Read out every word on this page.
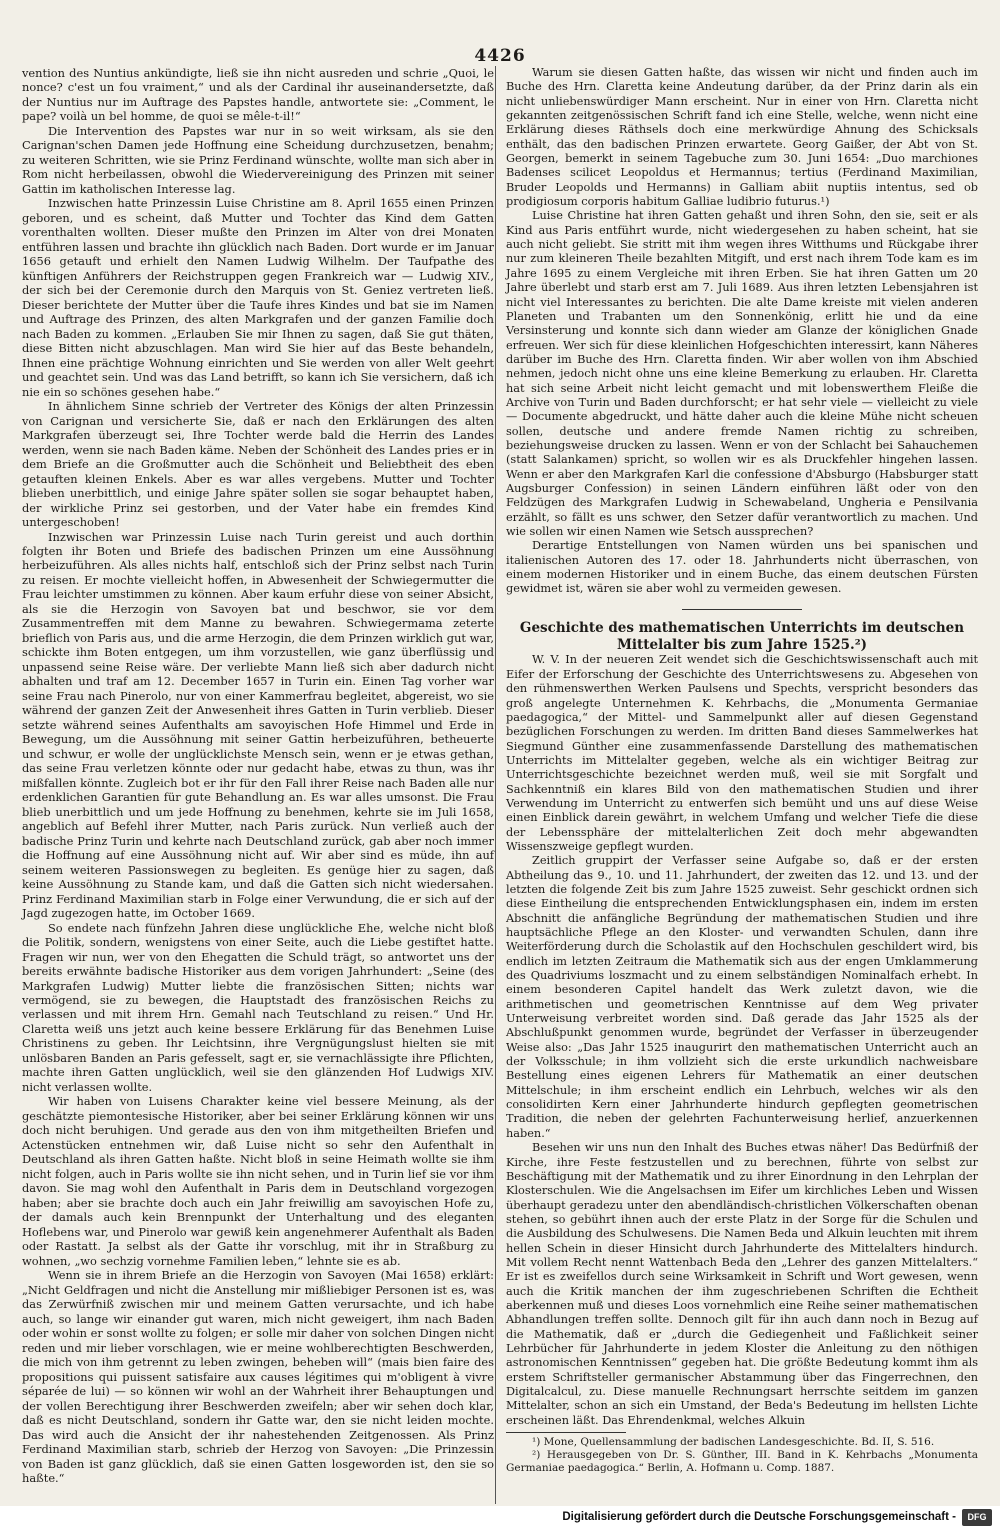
4426

vention des Nuntius ankündigte, ließ sie ihn nicht ausreden und schrie „Quoi, le nonce? c'est un fou vraiment,“ und als der Cardinal ihr auseinandersetzte, daß der Nuntius nur im Auftrage des Papstes handle, antwortete sie: „Comment, le pape? voilà un bel homme, de quoi se mêle-t-il!“

Die Intervention des Papstes war nur in so weit wirksam, als sie den Carignan'schen Damen jede Hoffnung eine Scheidung durchzusetzen, benahm; zu weiteren Schritten, wie sie Prinz Ferdinand wünschte, wollte man sich aber in Rom nicht herbeilassen, obwohl die Wiedervereinigung des Prinzen mit seiner Gattin im katholischen Interesse lag.

Inzwischen hatte Prinzessin Luise Christine am 8. April 1655 einen Prinzen geboren, und es scheint, daß Mutter und Tochter das Kind dem Gatten vorenthalten wollten. Dieser mußte den Prinzen im Alter von drei Monaten entführen lassen und brachte ihn glücklich nach Baden. Dort wurde er im Januar 1656 getauft und erhielt den Namen Ludwig Wilhelm. Der Taufpathe des künftigen Anführers der Reichstruppen gegen Frankreich war — Ludwig XIV., der sich bei der Ceremonie durch den Marquis von St. Geniez vertreten ließ. Dieser berichtete der Mutter über die Taufe ihres Kindes und bat sie im Namen und Auftrage des Prinzen, des alten Markgrafen und der ganzen Familie doch nach Baden zu kommen. „Erlauben Sie mir Ihnen zu sagen, daß Sie gut thäten, diese Bitten nicht abzuschlagen. Man wird Sie hier auf das Beste behandeln, Ihnen eine prächtige Wohnung einrichten und Sie werden von aller Welt geehrt und geachtet sein. Und was das Land betrifft, so kann ich Sie versichern, daß ich nie ein so schönes gesehen habe.“

In ähnlichem Sinne schrieb der Vertreter des Königs der alten Prinzessin von Carignan und versicherte Sie, daß er nach den Erklärungen des alten Markgrafen überzeugt sei, Ihre Tochter werde bald die Herrin des Landes werden, wenn sie nach Baden käme. Neben der Schönheit des Landes pries er in dem Briefe an die Großmutter auch die Schönheit und Beliebtheit des eben getauften kleinen Enkels. Aber es war alles vergebens. Mutter und Tochter blieben unerbittlich, und einige Jahre später sollen sie sogar behauptet haben, der wirkliche Prinz sei gestorben, und der Vater habe ein fremdes Kind untergeschoben!

Inzwischen war Prinzessin Luise nach Turin gereist und auch dorthin folgten ihr Boten und Briefe des badischen Prinzen um eine Aussöhnung herbeizuführen. Als alles nichts half, entschloß sich der Prinz selbst nach Turin zu reisen. Er mochte vielleicht hoffen, in Abwesenheit der Schwiegermutter die Frau leichter umstimmen zu können. Aber kaum erfuhr diese von seiner Absicht, als sie die Herzogin von Savoyen bat und beschwor, sie vor dem Zusammentreffen mit dem Manne zu bewahren. Schwiegermama zeterte brieflich von Paris aus, und die arme Herzogin, die dem Prinzen wirklich gut war, schickte ihm Boten entgegen, um ihm vorzustellen, wie ganz überflüssig und unpassend seine Reise wäre. Der verliebte Mann ließ sich aber dadurch nicht abhalten und traf am 12. December 1657 in Turin ein. Einen Tag vorher war seine Frau nach Pinerolo, nur von einer Kammerfrau begleitet, abgereist, wo sie während der ganzen Zeit der Anwesenheit ihres Gatten in Turin verblieb. Dieser setzte während seines Aufenthalts am savoyischen Hofe Himmel und Erde in Bewegung, um die Aussöhnung mit seiner Gattin herbeizuführen, betheuerte und schwur, er wolle der unglücklichste Mensch sein, wenn er je etwas gethan, das seine Frau verletzen könnte oder nur gedacht habe, etwas zu thun, was ihr mißfallen könnte. Zugleich bot er ihr für den Fall ihrer Reise nach Baden alle nur erdenklichen Garantien für gute Behandlung an. Es war alles umsonst. Die Frau blieb unerbittlich und um jede Hoffnung zu benehmen, kehrte sie im Juli 1658, angeblich auf Befehl ihrer Mutter, nach Paris zurück. Nun verließ auch der badische Prinz Turin und kehrte nach Deutschland zurück, gab aber noch immer die Hoffnung auf eine Aussöhnung nicht auf. Wir aber sind es müde, ihn auf seinem weiteren Passionswegen zu begleiten. Es genüge hier zu sagen, daß keine Aussöhnung zu Stande kam, und daß die Gatten sich nicht wiedersahen. Prinz Ferdinand Maximilian starb in Folge einer Verwundung, die er sich auf der Jagd zugezogen hatte, im October 1669.

So endete nach fünfzehn Jahren diese unglückliche Ehe, welche nicht bloß die Politik, sondern, wenigstens von einer Seite, auch die Liebe gestiftet hatte. Fragen wir nun, wer von den Ehegatten die Schuld trägt, so antwortet uns der bereits erwähnte badische Historiker aus dem vorigen Jahrhundert: „Seine (des Markgrafen Ludwig) Mutter liebte die französischen Sitten; nichts war vermögend, sie zu bewegen, die Hauptstadt des französischen Reichs zu verlassen und mit ihrem Hrn. Gemahl nach Teutschland zu reisen.“ Und Hr. Claretta weiß uns jetzt auch keine bessere Erklärung für das Benehmen Luise Christinens zu geben. Ihr Leichtsinn, ihre Vergnügungslust hielten sie mit unlösbaren Banden an Paris gefesselt, sagt er, sie vernachlässigte ihre Pflichten, machte ihren Gatten unglücklich, weil sie den glänzenden Hof Ludwigs XIV. nicht verlassen wollte.

Wir haben von Luisens Charakter keine viel bessere Meinung, als der geschätzte piemontesische Historiker, aber bei seiner Erklärung können wir uns doch nicht beruhigen. Und gerade aus den von ihm mitgetheilten Briefen und Actenstücken entnehmen wir, daß Luise nicht so sehr den Aufenthalt in Deutschland als ihren Gatten haßte. Nicht bloß in seine Heimath wollte sie ihm nicht folgen, auch in Paris wollte sie ihn nicht sehen, und in Turin lief sie vor ihm davon. Sie mag wohl den Aufenthalt in Paris dem in Deutschland vorgezogen haben; aber sie brachte doch auch ein Jahr freiwillig am savoyischen Hofe zu, der damals auch kein Brennpunkt der Unterhaltung und des eleganten Hoflebens war, und Pinerolo war gewiß kein angenehmerer Aufenthalt als Baden oder Rastatt. Ja selbst als der Gatte ihr vorschlug, mit ihr in Straßburg zu wohnen, „wo sechzig vornehme Familien leben,“ lehnte sie es ab.

Wenn sie in ihrem Briefe an die Herzogin von Savoyen (Mai 1658) erklärt: „Nicht Geldfragen und nicht die Anstellung mir mißliebiger Personen ist es, was das Zerwürfniß zwischen mir und meinem Gatten verursachte, und ich habe auch, so lange wir einander gut waren, mich nicht geweigert, ihm nach Baden oder wohin er sonst wollte zu folgen; er solle mir daher von solchen Dingen nicht reden und mir lieber vorschlagen, wie er meine wohlberechtigten Beschwerden, die mich von ihm getrennt zu leben zwingen, beheben will“ (mais bien faire des propositions qui puissent satisfaire aux causes légitimes qui m'obligent à vivre séparée de lui) — so können wir wohl an der Wahrheit ihrer Behauptungen und der vollen Berechtigung ihrer Beschwerden zweifeln; aber wir sehen doch klar, daß es nicht Deutschland, sondern ihr Gatte war, den sie nicht leiden mochte. Das wird auch die Ansicht der ihr nahestehenden Zeitgenossen. Als Prinz Ferdinand Maximilian starb, schrieb der Herzog von Savoyen: „Die Prinzessin von Baden ist ganz glücklich, daß sie einen Gatten losgeworden ist, den sie so haßte.“

Warum sie diesen Gatten haßte, das wissen wir nicht und finden auch im Buche des Hrn. Claretta keine Andeutung darüber, da der Prinz darin als ein nicht unliebenswürdiger Mann erscheint. Nur in einer von Hrn. Claretta nicht gekannten zeitgenössischen Schrift fand ich eine Stelle, welche, wenn nicht eine Erklärung dieses Räthsels doch eine merkwürdige Ahnung des Schicksals enthält, das den badischen Prinzen erwartete. Georg Gaißer, der Abt von St. Georgen, bemerkt in seinem Tagebuche zum 30. Juni 1654: „Duo marchiones Badenses scilicet Leopoldus et Hermannus; tertius (Ferdinand Maximilian, Bruder Leopolds und Hermanns) in Galliam abiit nuptiis intentus, sed ob prodigiosum corporis habitum Galliae ludibrio futurus.¹)

Luise Christine hat ihren Gatten gehaßt und ihren Sohn, den sie, seit er als Kind aus Paris entführt wurde, nicht wiedergesehen zu haben scheint, hat sie auch nicht geliebt. Sie stritt mit ihm wegen ihres Witthums und Rückgabe ihrer nur zum kleineren Theile bezahlten Mitgift, und erst nach ihrem Tode kam es im Jahre 1695 zu einem Vergleiche mit ihren Erben. Sie hat ihren Gatten um 20 Jahre überlebt und starb erst am 7. Juli 1689. Aus ihren letzten Lebensjahren ist nicht viel Interessantes zu berichten. Die alte Dame kreiste mit vielen anderen Planeten und Trabanten um den Sonnenkönig, erlitt hie und da eine Versinsterung und konnte sich dann wieder am Glanze der königlichen Gnade erfreuen. Wer sich für diese kleinlichen Hofgeschichten interessirt, kann Näheres darüber im Buche des Hrn. Claretta finden. Wir aber wollen von ihm Abschied nehmen, jedoch nicht ohne uns eine kleine Bemerkung zu erlauben. Hr. Claretta hat sich seine Arbeit nicht leicht gemacht und mit lobenswerthem Fleiße die Archive von Turin und Baden durchforscht; er hat sehr viele — vielleicht zu viele — Documente abgedruckt, und hätte daher auch die kleine Mühe nicht scheuen sollen, deutsche und andere fremde Namen richtig zu schreiben, beziehungsweise drucken zu lassen. Wenn er von der Schlacht bei Sahauchemen (statt Salankamen) spricht, so wollen wir es als Druckfehler hingehen lassen. Wenn er aber den Markgrafen Karl die confessione d'Absburgo (Habsburger statt Augsburger Confession) in seinen Ländern einführen läßt oder von den Feldzügen des Markgrafen Ludwig in Schewabeland, Ungheria e Pensilvania erzählt, so fällt es uns schwer, den Setzer dafür verantwortlich zu machen. Und wie sollen wir einen Namen wie Setsch aussprechen?

Derartige Entstellungen von Namen würden uns bei spanischen und italienischen Autoren des 17. oder 18. Jahrhunderts nicht überraschen, von einem modernen Historiker und in einem Buche, das einem deutschen Fürsten gewidmet ist, wären sie aber wohl zu vermeiden gewesen.

Geschichte des mathematischen Unterrichts im deutschen Mittelalter bis zum Jahre 1525.²)

W. V. In der neueren Zeit wendet sich die Geschichtswissenschaft auch mit Eifer der Erforschung der Geschichte des Unterrichtswesens zu. Abgesehen von den rühmenswerthen Werken Paulsens und Spechts, verspricht besonders das groß angelegte Unternehmen K. Kehrbachs, die „Monumenta Germaniae paedagogica,“ der Mittel- und Sammelpunkt aller auf diesen Gegenstand bezüglichen Forschungen zu werden. Im dritten Band dieses Sammelwerkes hat Siegmund Günther eine zusammenfassende Darstellung des mathematischen Unterrichts im Mittelalter gegeben, welche als ein wichtiger Beitrag zur Unterrichtsgeschichte bezeichnet werden muß, weil sie mit Sorgfalt und Sachkenntniß ein klares Bild von den mathematischen Studien und ihrer Verwendung im Unterricht zu entwerfen sich bemüht und uns auf diese Weise einen Einblick darein gewährt, in welchem Umfang und welcher Tiefe die diese der Lebenssphäre der mittelalterlichen Zeit doch mehr abgewandten Wissenszweige gepflegt wurden.

Zeitlich gruppirt der Verfasser seine Aufgabe so, daß er der ersten Abtheilung das 9., 10. und 11. Jahrhundert, der zweiten das 12. und 13. und der letzten die folgende Zeit bis zum Jahre 1525 zuweist. Sehr geschickt ordnen sich diese Eintheilung die entsprechenden Entwicklungsphasen ein, indem im ersten Abschnitt die anfängliche Begründung der mathematischen Studien und ihre hauptsächliche Pflege an den Kloster- und verwandten Schulen, dann ihre Weiterförderung durch die Scholastik auf den Hochschulen geschildert wird, bis endlich im letzten Zeitraum die Mathematik sich aus der engen Umklammerung des Quadriviums loszmacht und zu einem selbständigen Nominalfach erhebt. In einem besonderen Capitel handelt das Werk zuletzt davon, wie die arithmetischen und geometrischen Kenntnisse auf dem Weg privater Unterweisung verbreitet worden sind. Daß gerade das Jahr 1525 als der Abschlußpunkt genommen wurde, begründet der Verfasser in überzeugender Weise also: „Das Jahr 1525 inaugurirt den mathematischen Unterricht auch an der Volksschule; in ihm vollzieht sich die erste urkundlich nachweisbare Bestellung eines eigenen Lehrers für Mathematik an einer deutschen Mittelschule; in ihm erscheint endlich ein Lehrbuch, welches wir als den consolidirten Kern einer Jahrhunderte hindurch gepflegten geometrischen Tradition, die neben der gelehrten Fachunterweisung herlief, anzuerkennen haben.“

Besehen wir uns nun den Inhalt des Buches etwas näher! Das Bedürfniß der Kirche, ihre Feste festzustellen und zu berechnen, führte von selbst zur Beschäftigung mit der Mathematik und zu ihrer Einordnung in den Lehrplan der Klosterschulen. Wie die Angelsachsen im Eifer um kirchliches Leben und Wissen überhaupt geradezu unter den abendländisch-christlichen Völkerschaften obenan stehen, so gebührt ihnen auch der erste Platz in der Sorge für die Schulen und die Ausbildung des Schulwesens. Die Namen Beda und Alkuin leuchten mit ihrem hellen Schein in dieser Hinsicht durch Jahrhunderte des Mittelalters hindurch. Mit vollem Recht nennt Wattenbach Beda den „Lehrer des ganzen Mittelalters.“ Er ist es zweifellos durch seine Wirksamkeit in Schrift und Wort gewesen, wenn auch die Kritik manchen der ihm zugeschriebenen Schriften die Echtheit aberkennen muß und dieses Loos vornehmlich eine Reihe seiner mathematischen Abhandlungen treffen sollte. Dennoch gilt für ihn auch dann noch in Bezug auf die Mathematik, daß er „durch die Gediegenheit und Faßlichkeit seiner Lehrbücher für Jahrhunderte in jedem Kloster die Anleitung zu den nöthigen astronomischen Kenntnissen“ gegeben hat. Die größte Bedeutung kommt ihm als erstem Schriftsteller germanischer Abstammung über das Fingerrechnen, den Digitalcalcul, zu. Diese manuelle Rechnungsart herrschte seitdem im ganzen Mittelalter, schon an sich ein Umstand, der Beda's Bedeutung im hellsten Lichte erscheinen läßt. Das Ehrendenkmal, welches Alkuin

¹) Mone, Quellensammlung der badischen Landesgeschichte. Bd. II, S. 516.

²) Herausgegeben von Dr. S. Günther, III. Band in K. Kehrbachs „Monumenta Germaniae paedagogica.“ Berlin, A. Hofmann u. Comp. 1887.

Digitalisierung gefördert durch die Deutsche Forschungsgemeinschaft -	DFG
